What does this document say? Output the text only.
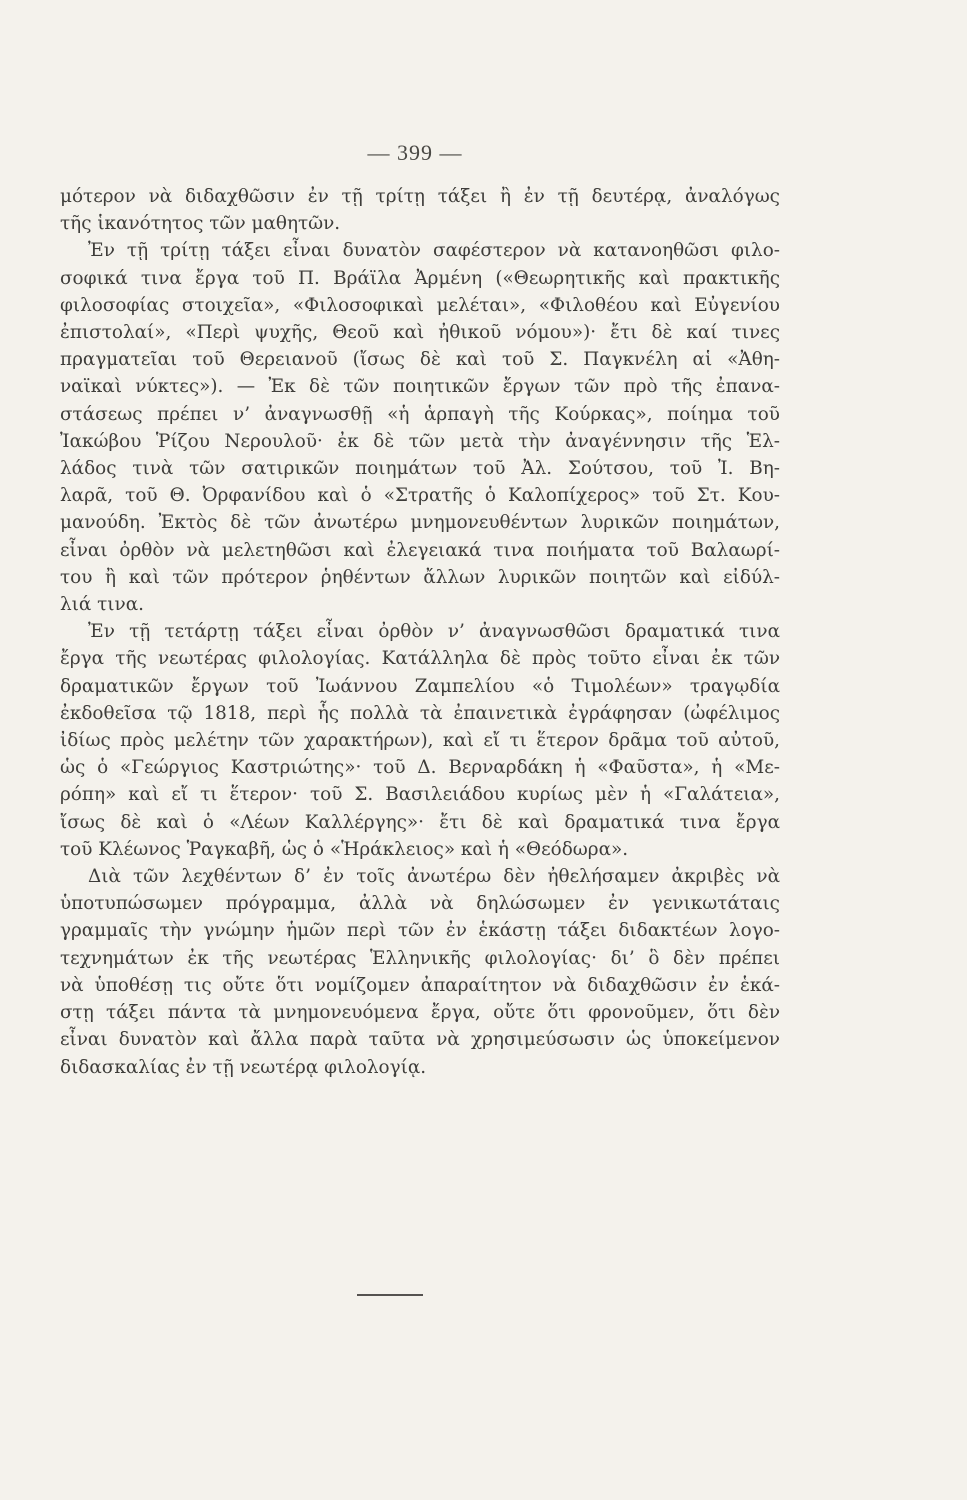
— 399 —
μότερον νὰ διδαχθῶσιν ἐν τῇ τρίτῃ τάξει ἢ ἐν τῇ δευτέρᾳ, ἀναλόγως
τῆς ἱκανότητος τῶν μαθητῶν.
Ἐν τῇ τρίτῃ τάξει εἶναι δυνατὸν σαφέστερον νὰ κατανοηθῶσι φιλο-
σοφικά τινα ἔργα τοῦ Π. Βράϊλα Ἀρμένη («Θεωρητικῆς καὶ πρακτικῆς
φιλοσοφίας στοιχεῖα», «Φιλοσοφικαὶ μελέται», «Φιλοθέου καὶ Εὐγενίου
ἐπιστολαί», «Περὶ ψυχῆς, Θεοῦ καὶ ἠθικοῦ νόμου»)· ἔτι δὲ καί τινες
πραγματεῖαι τοῦ Θερειανοῦ (ἴσως δὲ καὶ τοῦ Σ. Παγκνέλη αἱ «Ἀθη-
ναϊκαὶ νύκτες»). — Ἐκ δὲ τῶν ποιητικῶν ἔργων τῶν πρὸ τῆς ἐπανα-
στάσεως πρέπει ν’ ἀναγνωσθῇ «ἡ ἁρπαγὴ τῆς Κούρκας», ποίημα τοῦ
Ἰακώβου Ῥίζου Νερουλοῦ· ἐκ δὲ τῶν μετὰ τὴν ἀναγέννησιν τῆς Ἑλ-
λάδος τινὰ τῶν σατιρικῶν ποιημάτων τοῦ Ἀλ. Σούτσου, τοῦ Ἰ. Βη-
λαρᾶ, τοῦ Θ. Ὀρφανίδου καὶ ὁ «Στρατῆς ὁ Καλοπίχερος» τοῦ Στ. Κου-
μανούδη. Ἐκτὸς δὲ τῶν ἀνωτέρω μνημονευθέντων λυρικῶν ποιημάτων,
εἶναι ὀρθὸν νὰ μελετηθῶσι καὶ ἐλεγειακά τινα ποιήματα τοῦ Βαλαωρί-
του ἢ καὶ τῶν πρότερον ῥηθέντων ἄλλων λυρικῶν ποιητῶν καὶ εἰδύλ-
λιά τινα.
Ἐν τῇ τετάρτῃ τάξει εἶναι ὀρθὸν ν’ ἀναγνωσθῶσι δραματικά τινα
ἔργα τῆς νεωτέρας φιλολογίας. Κατάλληλα δὲ πρὸς τοῦτο εἶναι ἐκ τῶν
δραματικῶν ἔργων τοῦ Ἰωάννου Ζαμπελίου «ὁ Τιμολέων» τραγῳδία
ἐκδοθεῖσα τῷ 1818, περὶ ἧς πολλὰ τὰ ἐπαινετικὰ ἐγράφησαν (ὠφέλιμος
ἰδίως πρὸς μελέτην τῶν χαρακτήρων), καὶ εἴ τι ἕτερον δρᾶμα τοῦ αὐτοῦ,
ὡς ὁ «Γεώργιος Καστριώτης»· τοῦ Δ. Βερναρδάκη ἡ «Φαῦστα», ἡ «Με-
ρόπη» καὶ εἴ τι ἕτερον· τοῦ Σ. Βασιλειάδου κυρίως μὲν ἡ «Γαλάτεια»,
ἴσως δὲ καὶ ὁ «Λέων Καλλέργης»· ἔτι δὲ καὶ δραματικά τινα ἔργα
τοῦ Κλέωνος Ῥαγκαβῆ, ὡς ὁ «Ἡράκλειος» καὶ ἡ «Θεόδωρα».
Διὰ τῶν λεχθέντων δ’ ἐν τοῖς ἀνωτέρω δὲν ἠθελήσαμεν ἀκριβὲς νὰ
ὑποτυπώσωμεν πρόγραμμα, ἀλλὰ νὰ δηλώσωμεν ἐν γενικωτάταις
γραμμαῖς τὴν γνώμην ἡμῶν περὶ τῶν ἐν ἑκάστῃ τάξει διδακτέων λογο-
τεχνημάτων ἐκ τῆς νεωτέρας Ἑλληνικῆς φιλολογίας· δι’ ὃ δὲν πρέπει
νὰ ὑποθέσῃ τις οὔτε ὅτι νομίζομεν ἀπαραίτητον νὰ διδαχθῶσιν ἐν ἑκά-
στῃ τάξει πάντα τὰ μνημονευόμενα ἔργα, οὔτε ὅτι φρονοῦμεν, ὅτι δὲν
εἶναι δυνατὸν καὶ ἄλλα παρὰ ταῦτα νὰ χρησιμεύσωσιν ὡς ὑποκείμενον
διδασκαλίας ἐν τῇ νεωτέρᾳ φιλολογίᾳ.
